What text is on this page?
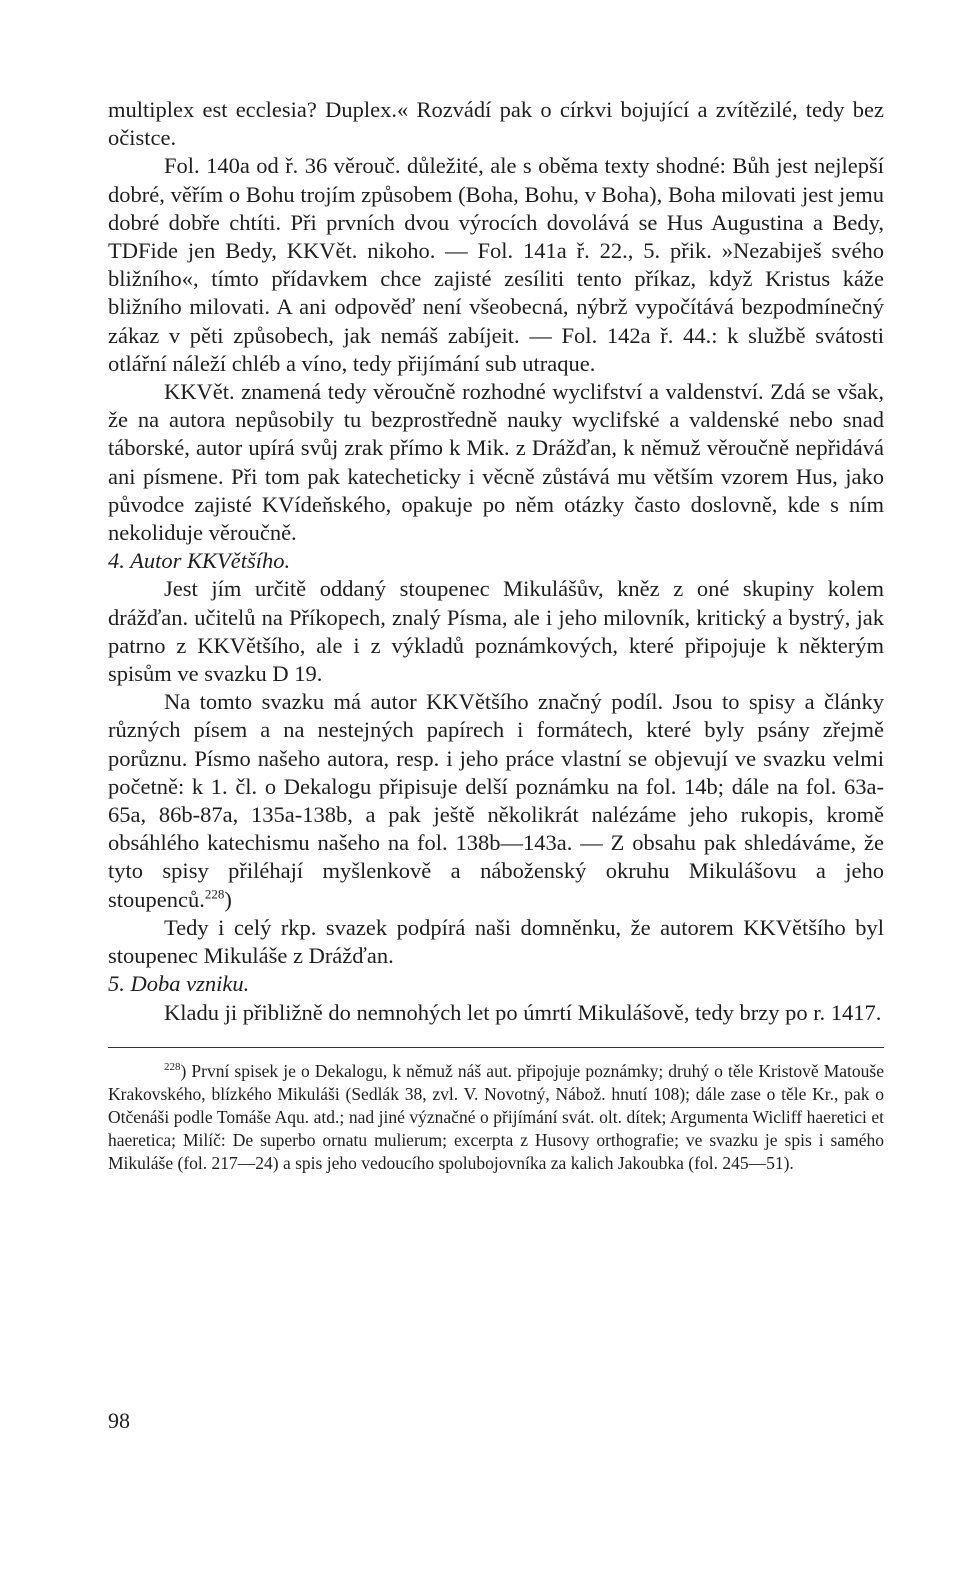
multiplex est ecclesia? Duplex.« Rozvádí pak o církvi bojující a zvítězilé, tedy bez očistce.

Fol. 140a od ř. 36 věrouč. důležité, ale s oběma texty shodné: Bůh jest nejlepší dobré, věřím o Bohu trojím způsobem (Boha, Bohu, v Boha), Boha milovati jest jemu dobré dobře chtíti. Při prvních dvou výrocích dovolává se Hus Augustina a Bedy, TDFide jen Bedy, KKVět. nikoho. — Fol. 141a ř. 22., 5. přik. »Nezabiješ svého bližního«, tímto přídavkem chce zajisté zesíliti tento příkaz, když Kristus káže bližního milovati. A ani odpověď není všeobecná, nýbrž vypočítává bezpodmínečný zákaz v pěti způsobech, jak nemáš zabíjeit. — Fol. 142a ř. 44.: k službě svátosti otlářní náleží chléb a víno, tedy přijímání sub utraque.

KKVět. znamená tedy věroučně rozhodné wyclifství a valdenství. Zdá se však, že na autora nepůsobily tu bezprostředně nauky wyclifské a valdenské nebo snad táborské, autor upírá svůj zrak přímo k Mik. z Drážďan, k němuž věroučně nepřidává ani písmene. Při tom pak katecheticky i věcně zůstává mu větším vzorem Hus, jako původce zajisté KVídeňského, opakuje po něm otázky často doslovně, kde s ním nekoliduje věroučně.

4. Autor KKVětšího.

Jest jím určitě oddaný stoupenec Mikulášův, kněz z oné skupiny kolem drážďan. učitelů na Příkopech, znalý Písma, ale i jeho milovník, kritický a bystrý, jak patrno z KKVětšího, ale i z výkladů poznámkových, které připojuje k některým spisům ve svazku D 19.

Na tomto svazku má autor KKVětšího značný podíl. Jsou to spisy a články různých písem a na nestejných papírech i formátech, které byly psány zřejmě porůznu. Písmo našeho autora, resp. i jeho práce vlastní se objevují ve svazku velmi početně: k 1. čl. o Dekalogu připisuje delší poznámku na fol. 14b; dále na fol. 63a-65a, 86b-87a, 135a-138b, a pak ještě několikrát nalézáme jeho rukopis, kromě obsáhlého katechismu našeho na fol. 138b—143a. — Z obsahu pak shledáváme, že tyto spisy přiléhají myšlenkově a náboženský okruhu Mikulášovu a jeho stoupenců.$^{228}$)

Tedy i celý rkp. svazek podpírá naši domněnku, že autorem KKVětšího byl stoupenec Mikuláše z Drážďan.

5. Doba vzniku.

Kladu ji přibližně do nemnohých let po úmrtí Mikulášově, tedy brzy po r. 1417.

$^{228}$) První spisek je o Dekalogu, k němuž náš aut. připojuje poznámky; druhý o těle Kristově Matouše Krakovského, blízkého Mikuláši (Sedlák 38, zvl. V. Novotný, Nábož. hnutí 108); dále zase o těle Kr., pak o Otčenáši podle Tomáše Aqu. atd.; nad jiné význačné o přijímání svát. olt. dítek; Argumenta Wicliff haeretici et haeretica; Milíč: De superbo ornatu mulierum; excerpta z Husovy orthografie; ve svazku je spis i samého Mikuláše (fol. 217—24) a spis jeho vedoucího spolubojovníka za kalich Jakoubka (fol. 245—51).
98
